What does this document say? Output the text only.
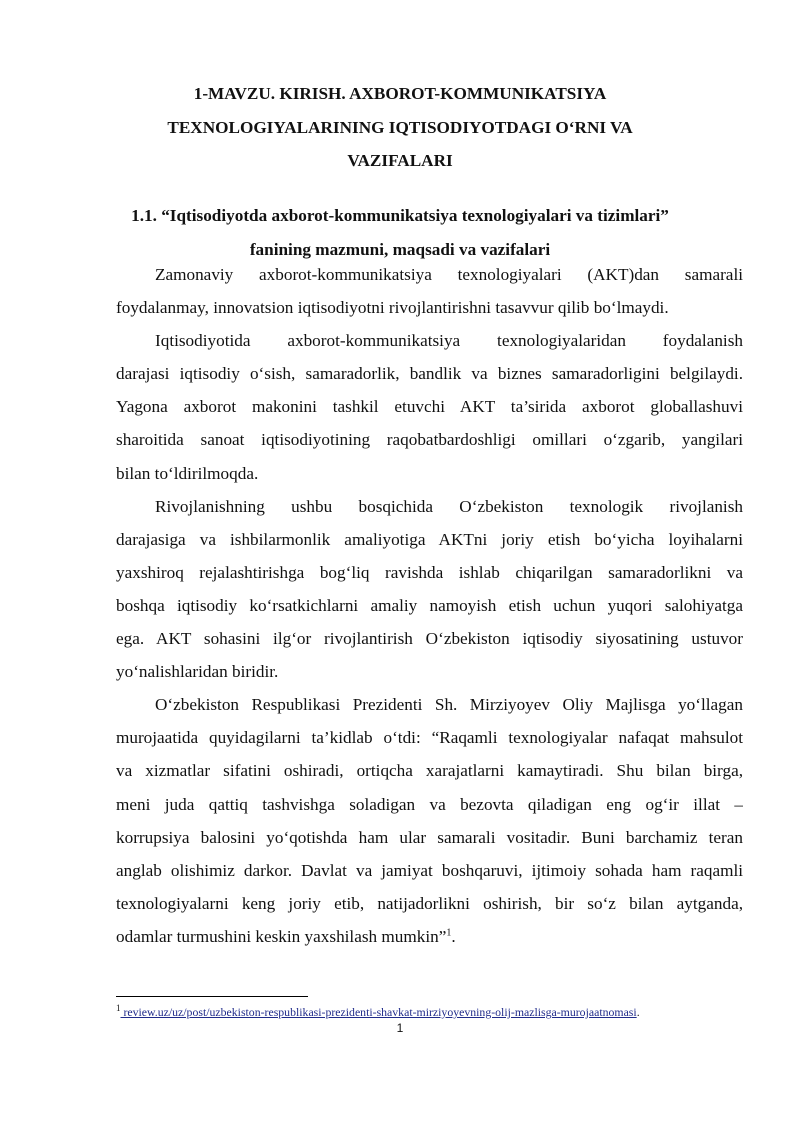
1-MAVZU. KIRISH. AXBOROT-KOMMUNIKATSIYA
TEXNOLOGIYALARINING IQTISODIYOTDAGI O‘RNI VA
VAZIFALARI
1.1. “Iqtisodiyotda axborot-kommunikatsiya texnologiyalari va tizimlari”
fanining mazmuni, maqsadi va vazifalari

Zamonaviy axborot-kommunikatsiya texnologiyalari (AKT)dan samarali
foydalanmay, innovatsion iqtisodiyotni rivojlantirishni tasavvur qilib bo‘lmaydi.

Iqtisodiyotida axborot-kommunikatsiya texnologiyalaridan foydalanish
darajasi iqtisodiy o‘sish, samaradorlik, bandlik va biznes samaradorligini belgilaydi.
Yagona axborot makonini tashkil etuvchi AKT ta’sirida axborot globallashuvi
sharoitida sanoat iqtisodiyotining raqobatbardoshligi omillari o‘zgarib, yangilari
bilan to‘ldirilmoqda.

Rivojlanishning ushbu bosqichida O‘zbekiston texnologik rivojlanish
darajasiga va ishbilarmonlik amaliyotiga AKTni joriy etish bo‘yicha loyihalarni
yaxshiroq rejalashtirishga bog‘liq ravishda ishlab chiqarilgan samaradorlikni va
boshqa iqtisodiy ko‘rsatkichlarni amaliy namoyish etish uchun yuqori salohiyatga
ega. AKT sohasini ilg‘or rivojlantirish O‘zbekiston iqtisodiy siyosatining ustuvor
yo‘nalishlaridan biridir.

O‘zbekiston Respublikasi Prezidenti Sh. Mirziyoyev Oliy Majlisga yo‘llagan
murojaatida quyidagilarni ta’kidlab o‘tdi: “Raqamli texnologiyalar nafaqat mahsulot
va xizmatlar sifatini oshiradi, ortiqcha xarajatlarni kamaytiradi. Shu bilan birga,
meni juda qattiq tashvishga soladigan va bezovta qiladigan eng og‘ir illat –
korrupsiya balosini yo‘qotishda ham ular samarali vositadir. Buni barchamiz teran
anglab olishimiz darkor. Davlat va jamiyat boshqaruvi, ijtimoiy sohada ham raqamli
texnologiyalarni keng joriy etib, natijadorlikni oshirish, bir so‘z bilan aytganda,
odamlar turmushini keskin yaxshilash mumkin”$^1$.

$^1$ review.uz/uz/post/uzbekiston-respublikasi-prezidenti-shavkat-mirziyoyevning-olij-mazlisga-murojaatnomasi.
1
